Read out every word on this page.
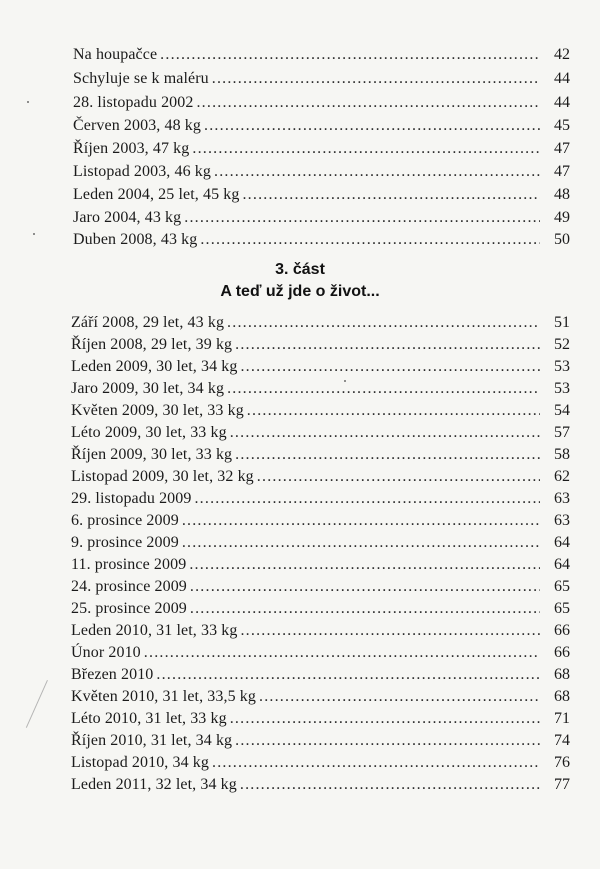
Na houpačce .....	42
Schyluje se k maléru .....	44
28. listopadu 2002 .....	44
Červen 2003, 48 kg .....	45
Říjen 2003, 47 kg .....	47
Listopad 2003, 46 kg .....	47
Leden 2004, 25 let, 45 kg .....	48
Jaro 2004, 43 kg .....	49
Duben 2008, 43 kg .....	50
3. část
A teď už jde o život...
Září 2008, 29 let, 43 kg .....	51
Říjen 2008, 29 let, 39 kg .....	52
Leden 2009, 30 let, 34 kg .....	53
Jaro 2009, 30 let, 34 kg .....	53
Květen 2009, 30 let, 33 kg .....	54
Léto 2009, 30 let, 33 kg .....	57
Říjen 2009, 30 let, 33 kg .....	58
Listopad 2009, 30 let, 32 kg .....	62
29. listopadu 2009 .....	63
6. prosince 2009 .....	63
9. prosince 2009 .....	64
11. prosince 2009 .....	64
24. prosince 2009 .....	65
25. prosince 2009 .....	65
Leden 2010, 31 let, 33 kg .....	66
Únor 2010 .....	66
Březen 2010 .....	68
Květen 2010, 31 let, 33,5 kg .....	68
Léto 2010, 31 let, 33 kg .....	71
Říjen 2010, 31 let, 34 kg .....	74
Listopad 2010, 34 kg .....	76
Leden 2011, 32 let, 34 kg .....	77
